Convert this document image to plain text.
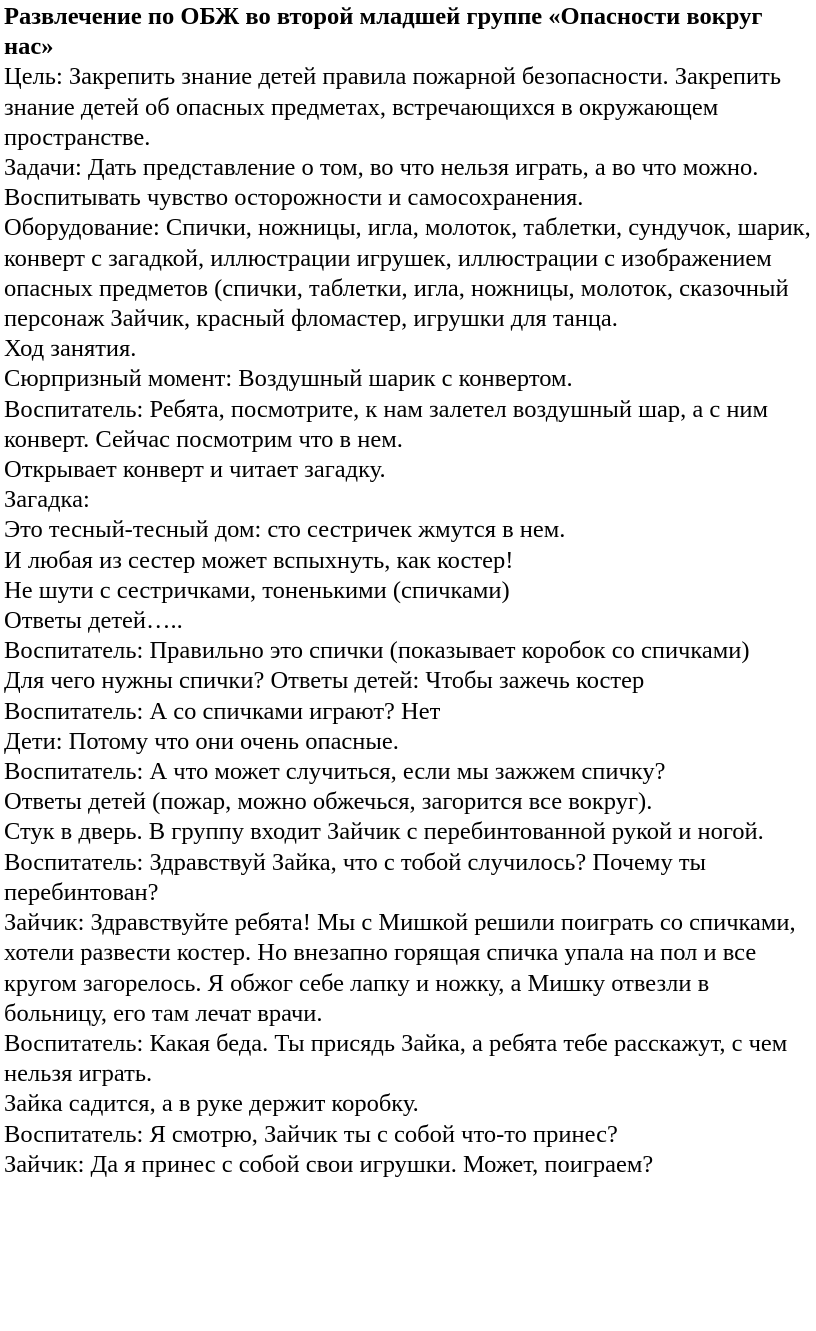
Развлечение по ОБЖ во второй младшей группе «Опасности вокруг нас»

Цель: Закрепить знание детей правила пожарной безопасности. Закрепить знание детей об опасных предметах, встречающихся в окружающем пространстве.

Задачи: Дать представление о том, во что нельзя играть, а во что можно. Воспитывать чувство осторожности и самосохранения.

Оборудование: Спички, ножницы, игла, молоток, таблетки, сундучок, шарик, конверт с загадкой, иллюстрации игрушек, иллюстрации с изображением опасных предметов (спички, таблетки, игла, ножницы, молоток, сказочный персонаж Зайчик, красный фломастер, игрушки для танца.

Ход занятия.

Сюрпризный момент: Воздушный шарик с конвертом.

Воспитатель: Ребята, посмотрите, к нам залетел воздушный шар, а с ним конверт. Сейчас посмотрим что в нем.

Открывает конверт и читает загадку.

Загадка:

Это тесный-тесный дом: сто сестричек жмутся в нем.

И любая из сестер может вспыхнуть, как костер!

Не шути с сестричками, тоненькими (спичками)

Ответы детей…..

Воспитатель: Правильно это спички (показывает коробок со спичками)

Для чего нужны спички? Ответы детей: Чтобы зажечь костер

Воспитатель: А со спичками играют? Нет

Дети: Потому что они очень опасные.

Воспитатель: А что может случиться, если мы зажжем спичку?

Ответы детей (пожар, можно обжечься, загорится все вокруг).

Стук в дверь. В группу входит Зайчик с перебинтованной рукой и ногой.

Воспитатель: Здравствуй Зайка, что с тобой случилось? Почему ты перебинтован?

Зайчик: Здравствуйте ребята! Мы с Мишкой решили поиграть со спичками, хотели развести костер. Но внезапно горящая спичка упала на пол и все кругом загорелось. Я обжог себе лапку и ножку, а Мишку отвезли в больницу, его там лечат врачи.

Воспитатель: Какая беда. Ты присядь Зайка, а ребята тебе расскажут, с чем нельзя играть.

Зайка садится, а в руке держит коробку.

Воспитатель: Я смотрю, Зайчик ты с собой что-то принес?

Зайчик: Да я принес с собой свои игрушки. Может, поиграем?
